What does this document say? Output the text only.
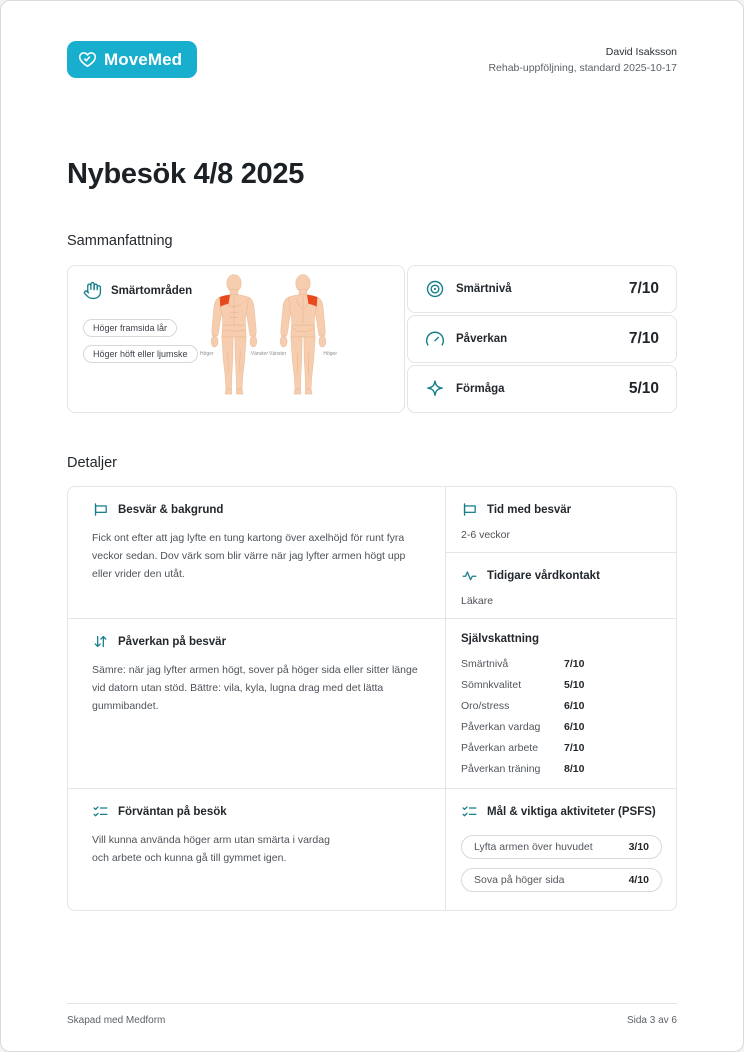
MoveMed	David Isaksson
Rehab-uppföljning, standard 2025-10-17
Nybesök 4/8 2025
Sammanfattning
Smärtområden
Höger framsida lår
Höger höft eller ljumske	Höger	Vänster Vänster	Höger
Smärtnivå	7/10
Påverkan	7/10
Förmåga	5/10
Detaljer
Besvär & bakgrund
Fick ont efter att jag lyfte en tung kartong över axelhöjd för runt fyra veckor sedan. Dov värk som blir värre när jag lyfter armen högt upp eller vrider den utåt.
Tid med besvär
2-6 veckor
Tidigare vårdkontakt
Läkare
Påverkan på besvär
Sämre: när jag lyfter armen högt, sover på höger sida eller sitter länge vid datorn utan stöd. Bättre: vila, kyla, lugna drag med det lätta gummibandet.
Självskattning
Smärtnivå	7/10
Sömnkvalitet	5/10
Oro/stress	6/10
Påverkan vardag	6/10
Påverkan arbete	7/10
Påverkan träning	8/10
Förväntan på besök
Vill kunna använda höger arm utan smärta i vardag och arbete och kunna gå till gymmet igen.
Mål & viktiga aktiviteter (PSFS)
Lyfta armen över huvudet	3/10
Sova på höger sida	4/10
Skapad med Medform	Sida 3 av 6
